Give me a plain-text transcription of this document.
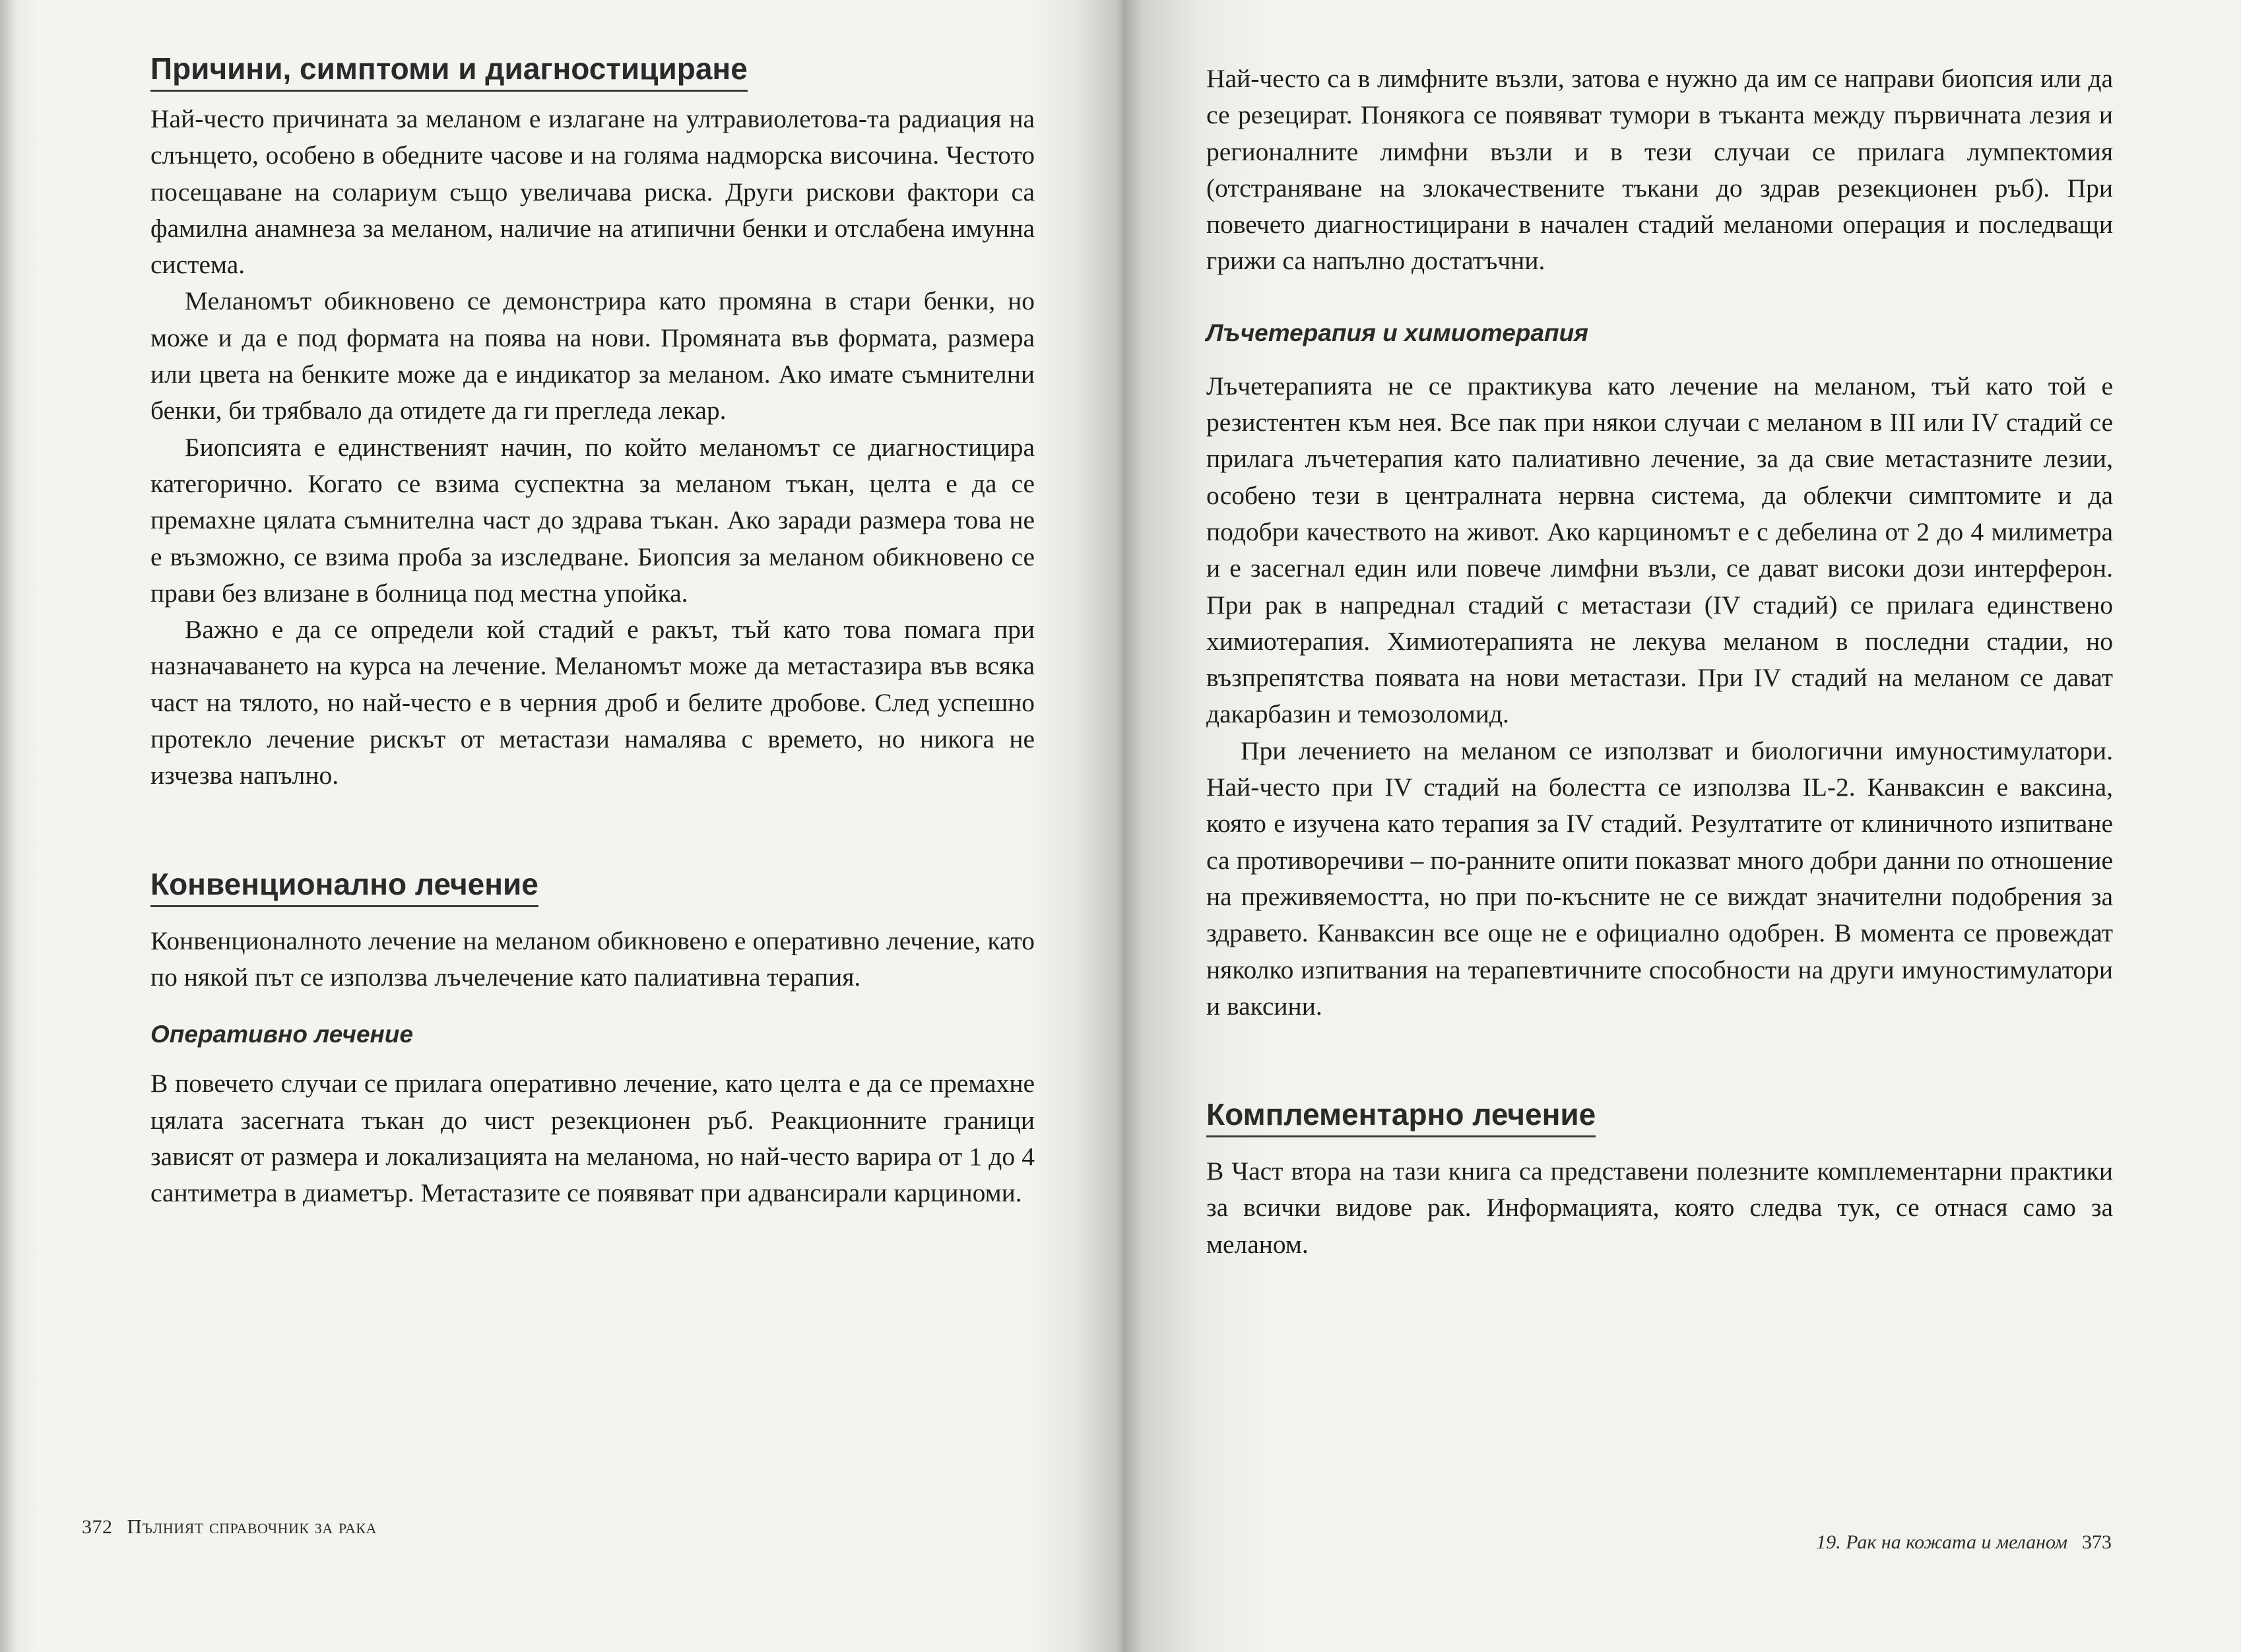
Причини, симптоми и диагностициране

Най-често причината за меланом е излагане на ултравиолетова-та радиация на слънцето, особено в обедните часове и на голяма надморска височина. Честото посещаване на солариум също увеличава риска. Други рискови фактори са фамилна анамнеза за меланом, наличие на атипични бенки и отслабена имунна система.

Меланомът обикновено се демонстрира като промяна в стари бенки, но може и да е под формата на поява на нови. Промяната във формата, размера или цвета на бенките може да е индикатор за меланом. Ако имате съмнителни бенки, би трябвало да отидете да ги прегледа лекар.

Биопсията е единственият начин, по който меланомът се диагностицира категорично. Когато се взима суспектна за меланом тъкан, целта е да се премахне цялата съмнителна част до здрава тъкан. Ако заради размера това не е възможно, се взима проба за изследване. Биопсия за меланом обикновено се прави без влизане в болница под местна упойка.

Важно е да се определи кой стадий е ракът, тъй като това помага при назначаването на курса на лечение. Меланомът може да метастазира във всяка част на тялото, но най-често е в черния дроб и белите дробове. След успешно протекло лечение рискът от метастази намалява с времето, но никога не изчезва напълно.

Конвенционално лечение

Конвенционалното лечение на меланом обикновено е оперативно лечение, като по някой път се използва лъчелечение като палиативна терапия.

Оперативно лечение

В повечето случаи се прилага оперативно лечение, като целта е да се премахне цялата засегната тъкан до чист резекционен ръб. Реакционните граници зависят от размера и локализацията на меланома, но най-често варира от 1 до 4 сантиметра в диаметър. Метастазите се появяват при адвансирали карциноми.

372 Пълният справочник за рака

Най-често са в лимфните възли, затова е нужно да им се направи биопсия или да се резецират. Понякога се появяват тумори в тъканта между първичната лезия и регионалните лимфни възли и в тези случаи се прилага лумпектомия (отстраняване на злокачествените тъкани до здрав резекционен ръб). При повечето диагностицирани в начален стадий меланоми операция и последващи грижи са напълно достатъчни.

Лъчетерапия и химиотерапия

Лъчетерапията не се практикува като лечение на меланом, тъй като той е резистентен към нея. Все пак при някои случаи с меланом в III или IV стадий се прилага лъчетерапия като палиативно лечение, за да свие метастазните лезии, особено тези в централната нервна система, да облекчи симптомите и да подобри качеството на живот. Ако карциномът е с дебелина от 2 до 4 милиметра и е засегнал един или повече лимфни възли, се дават високи дози интерферон. При рак в напреднал стадий с метастази (IV стадий) се прилага единствено химиотерапия. Химиотерапията не лекува меланом в последни стадии, но възпрепятства появата на нови метастази. При IV стадий на меланом се дават дакарбазин и темозоломид.

При лечението на меланом се използват и биологични имуностимулатори. Най-често при IV стадий на болестта се използва IL-2. Канваксин е ваксина, която е изучена като терапия за IV стадий. Резултатите от клиничното изпитване са противоречиви – по-ранните опити показват много добри данни по отношение на преживяемостта, но при по-късните не се виждат значителни подобрения за здравето. Канваксин все още не е официално одобрен. В момента се провеждат няколко изпитвания на терапевтичните способности на други имуностимулатори и ваксини.

Комплементарно лечение

В Част втора на тази книга са представени полезните комплементарни практики за всички видове рак. Информацията, която следва тук, се отнася само за меланом.

19. Рак на кожата и меланом 373
